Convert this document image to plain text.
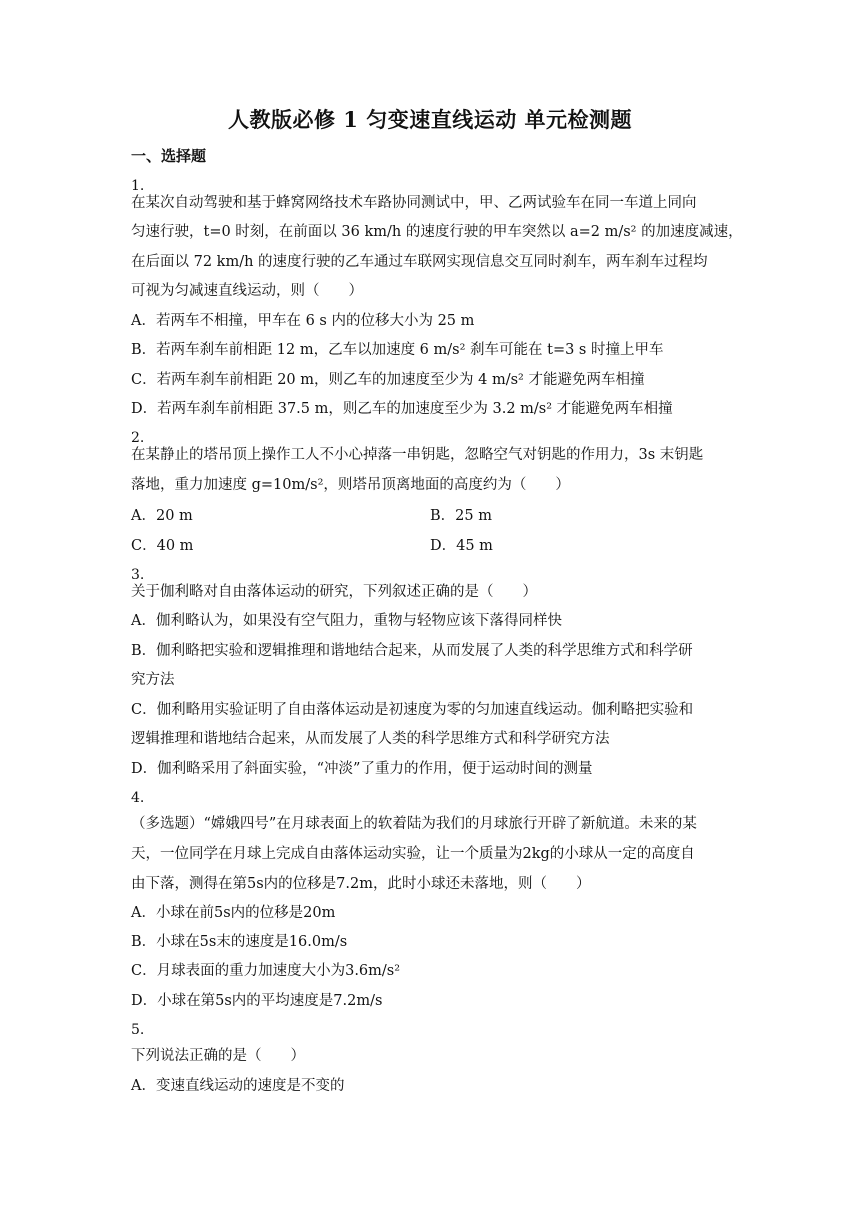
人教版必修 1 匀变速直线运动 单元检测题
一、选择题
1.
在某次自动驾驶和基于蜂窝网络技术车路协同测试中，甲、乙两试验车在同一车道上同向
匀速行驶，t=0 时刻，在前面以 36 km/h 的速度行驶的甲车突然以 a=2 m/s² 的加速度减速，
在后面以 72 km/h 的速度行驶的乙车通过车联网实现信息交互同时刹车，两车刹车过程均
可视为匀减速直线运动，则（　　）
A．若两车不相撞，甲车在 6 s 内的位移大小为 25 m
B．若两车刹车前相距 12 m，乙车以加速度 6 m/s² 刹车可能在 t=3 s 时撞上甲车
C．若两车刹车前相距 20 m，则乙车的加速度至少为 4 m/s² 才能避免两车相撞
D．若两车刹车前相距 37.5 m，则乙车的加速度至少为 3.2 m/s² 才能避免两车相撞
2.
在某静止的塔吊顶上操作工人不小心掉落一串钥匙，忽略空气对钥匙的作用力，3s 末钥匙
落地，重力加速度 g=10m/s²，则塔吊顶离地面的高度约为（　　）
A．20 m	B．25 m
C．40 m	D．45 m
3.
关于伽利略对自由落体运动的研究，下列叙述正确的是（　　）
A．伽利略认为，如果没有空气阻力，重物与轻物应该下落得同样快
B．伽利略把实验和逻辑推理和谐地结合起来，从而发展了人类的科学思维方式和科学研
究方法
C．伽利略用实验证明了自由落体运动是初速度为零的匀加速直线运动。伽利略把实验和
逻辑推理和谐地结合起来，从而发展了人类的科学思维方式和科学研究方法
D．伽利略采用了斜面实验，“冲淡”了重力的作用，便于运动时间的测量
4.
（多选题）“嫦娥四号”在月球表面上的软着陆为我们的月球旅行开辟了新航道。未来的某
天，一位同学在月球上完成自由落体运动实验，让一个质量为2kg的小球从一定的高度自
由下落，测得在第5s内的位移是7.2m，此时小球还未落地，则（　　）
A．小球在前5s内的位移是20m
B．小球在5s末的速度是16.0m/s
C．月球表面的重力加速度大小为3.6m/s²
D．小球在第5s内的平均速度是7.2m/s
5.
下列说法正确的是（　　）
A．变速直线运动的速度是不变的
